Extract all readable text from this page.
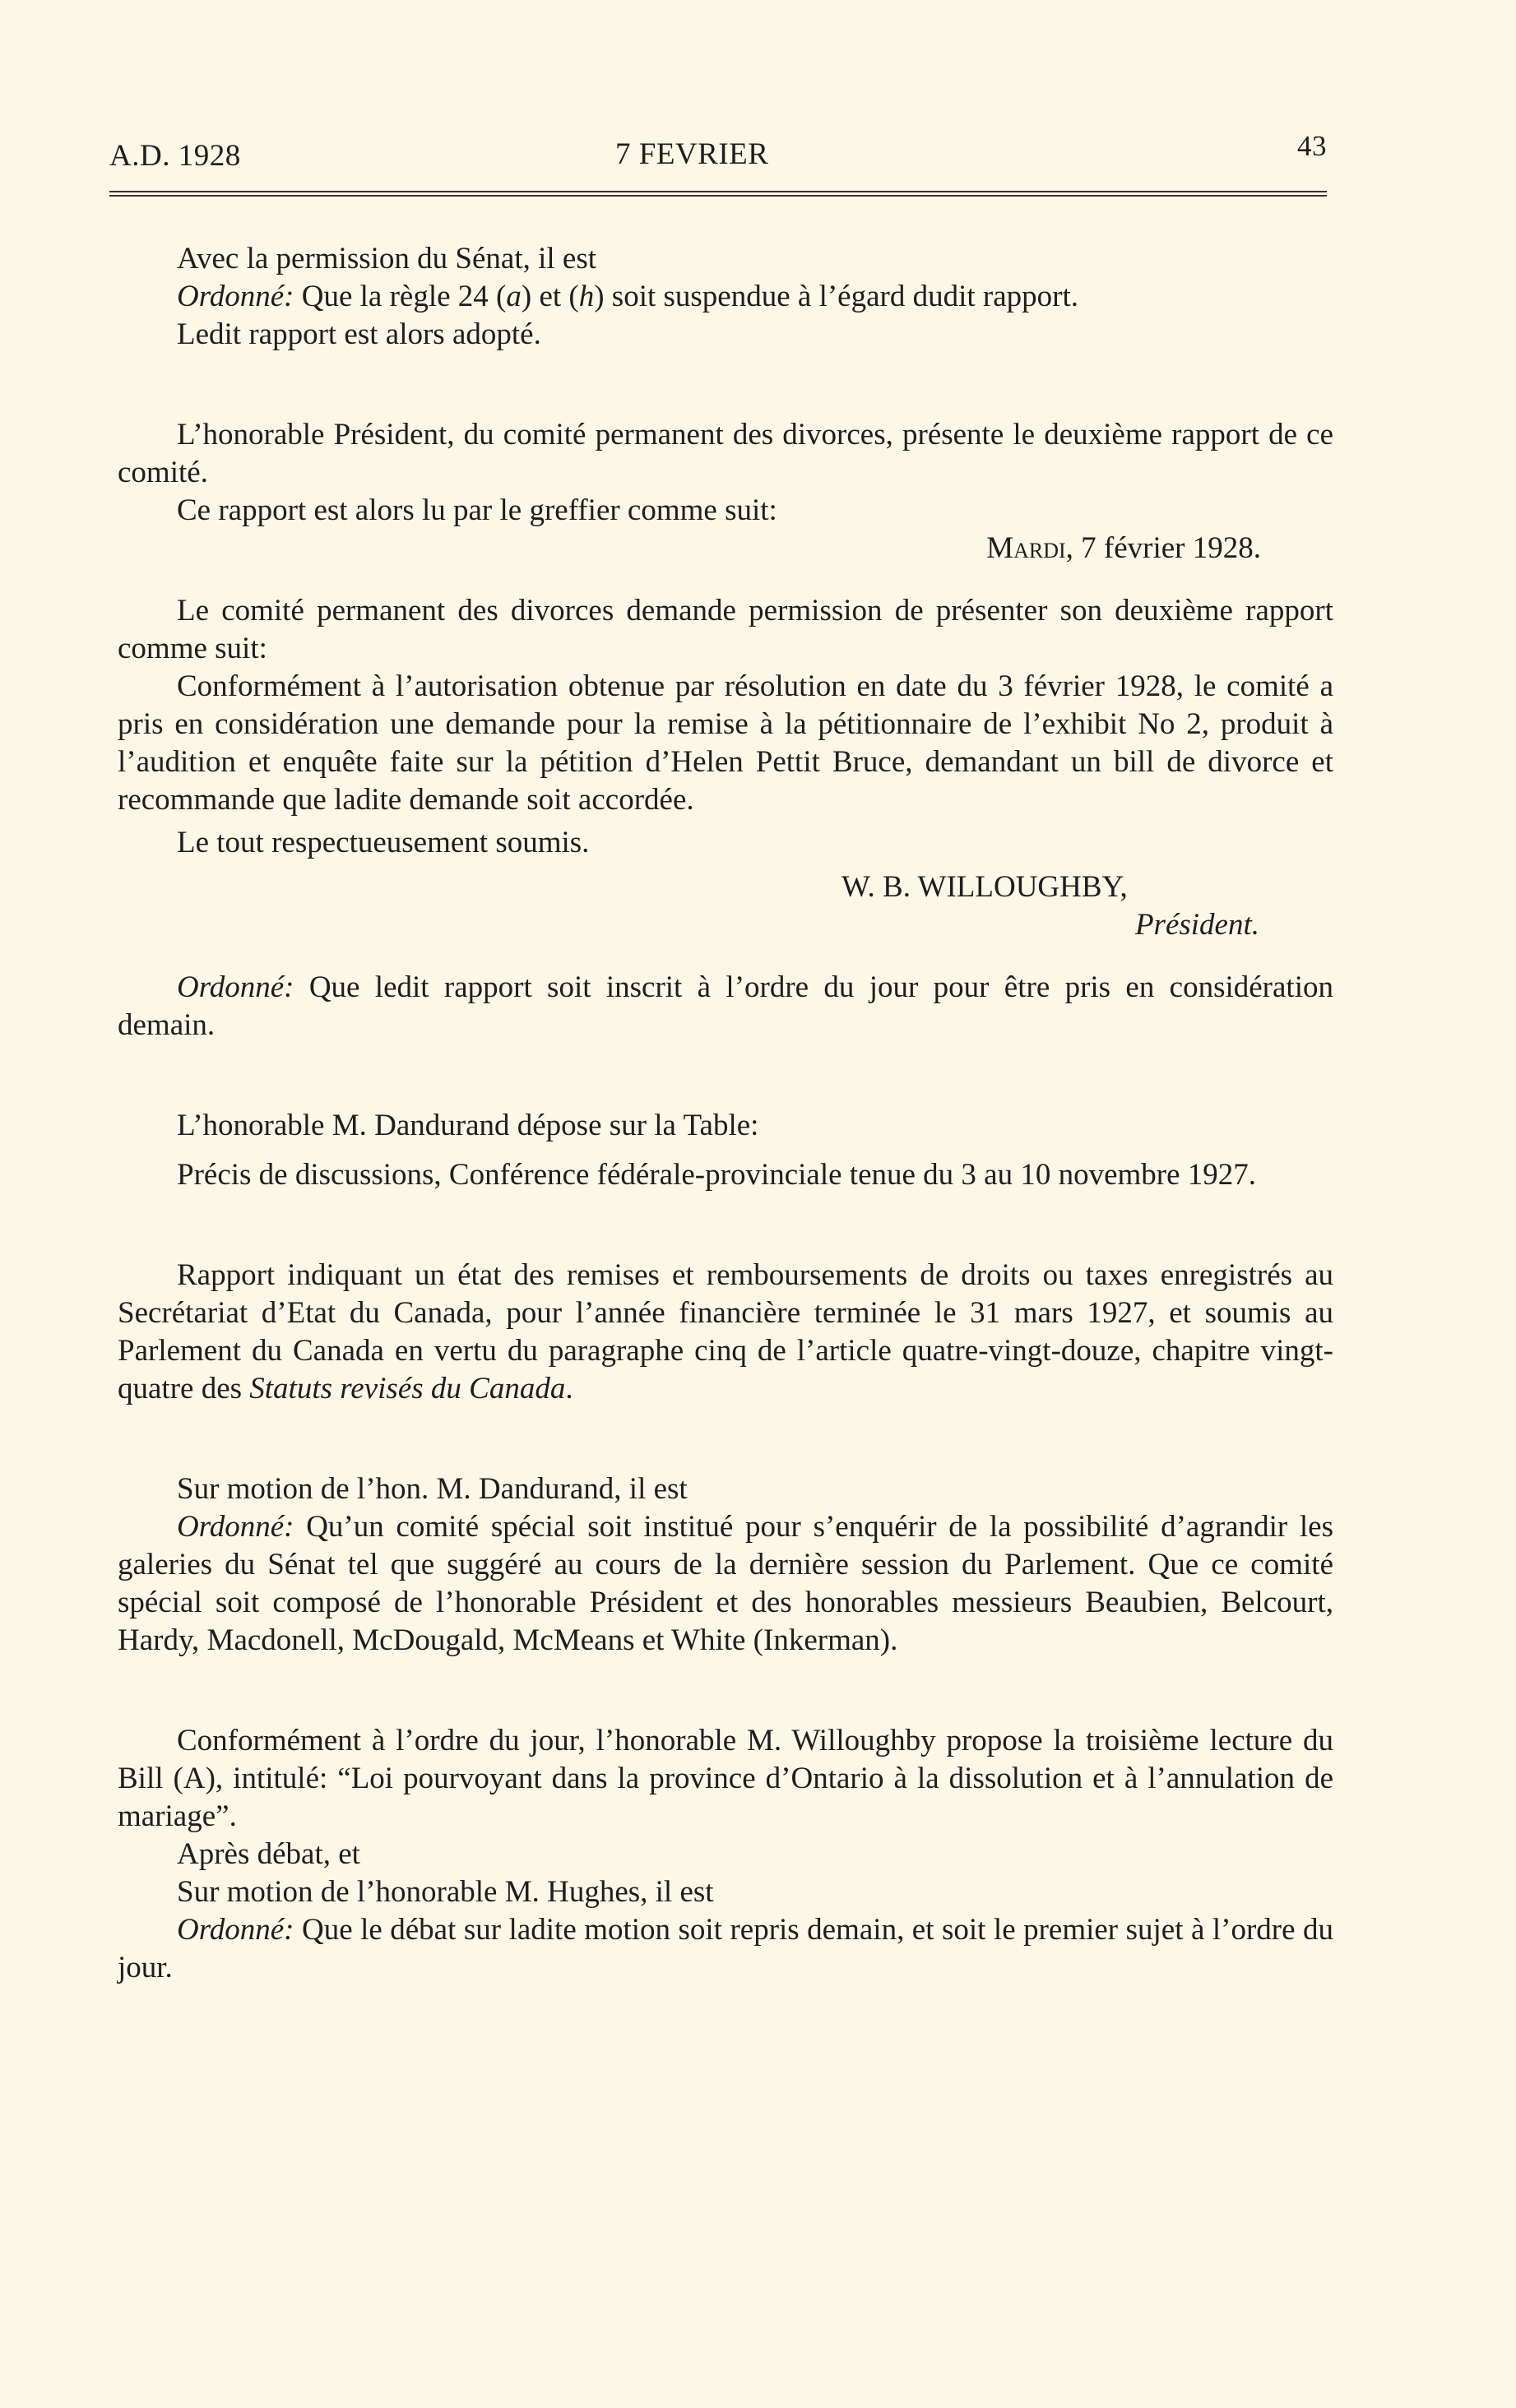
A.D. 1928	7 FEVRIER	43

Avec la permission du Sénat, il est

Ordonné: Que la règle 24 (a) et (h) soit suspendue à l’égard dudit rapport.

Ledit rapport est alors adopté.

L’honorable Président, du comité permanent des divorces, présente le deuxième rapport de ce comité.

Ce rapport est alors lu par le greffier comme suit:

Mardi, 7 février 1928.

Le comité permanent des divorces demande permission de présenter son deuxième rapport comme suit:

Conformément à l’autorisation obtenue par résolution en date du 3 février 1928, le comité a pris en considération une demande pour la remise à la pétitionnaire de l’exhibit No 2, produit à l’audition et enquête faite sur la pétition d’Helen Pettit Bruce, demandant un bill de divorce et recommande que ladite demande soit accordée.

Le tout respectueusement soumis.

W. B. WILLOUGHBY,

Président.

Ordonné: Que ledit rapport soit inscrit à l’ordre du jour pour être pris en considération demain.

L’honorable M. Dandurand dépose sur la Table:

Précis de discussions, Conférence fédérale-provinciale tenue du 3 au 10 novembre 1927.

Rapport indiquant un état des remises et remboursements de droits ou taxes enregistrés au Secrétariat d’Etat du Canada, pour l’année financière terminée le 31 mars 1927, et soumis au Parlement du Canada en vertu du paragraphe cinq de l’article quatre-vingt-douze, chapitre vingt-quatre des Statuts revisés du Canada.

Sur motion de l’hon. M. Dandurand, il est

Ordonné: Qu’un comité spécial soit institué pour s’enquérir de la possibilité d’agrandir les galeries du Sénat tel que suggéré au cours de la dernière session du Parlement. Que ce comité spécial soit composé de l’honorable Président et des honorables messieurs Beaubien, Belcourt, Hardy, Macdonell, McDougald, McMeans et White (Inkerman).

Conformément à l’ordre du jour, l’honorable M. Willoughby propose la troisième lecture du Bill (A), intitulé: “Loi pourvoyant dans la province d’Ontario à la dissolution et à l’annulation de mariage”.

Après débat, et

Sur motion de l’honorable M. Hughes, il est

Ordonné: Que le débat sur ladite motion soit repris demain, et soit le premier sujet à l’ordre du jour.
